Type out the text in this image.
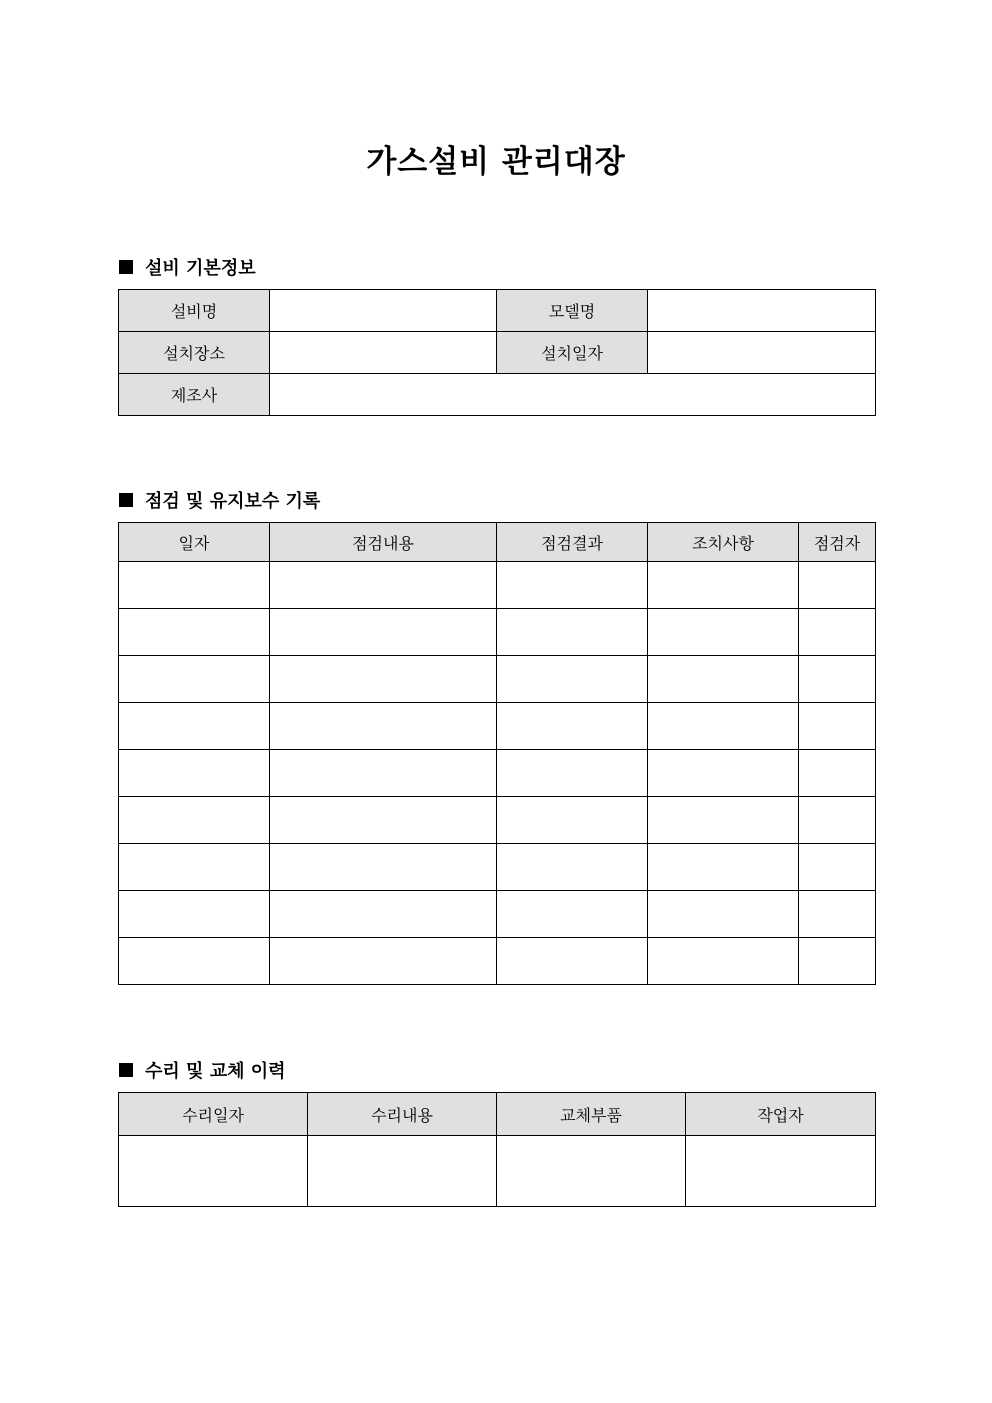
가스설비 관리대장
설비 기본정보
설비명		모델명	
설치장소		설치일자	
제조사			
점검 및 유지보수 기록
일자	점검내용	점검결과	조치사항	점검자

수리 및 교체 이력
수리일자	수리내용	교체부품	작업자
